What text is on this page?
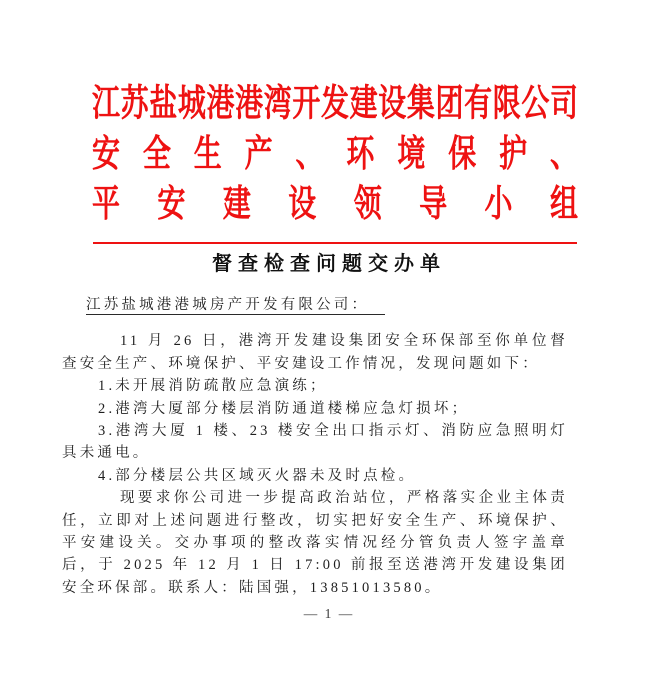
江苏盐城港港湾开发建设集团有限公司
安全生产、环境保护、
平安建设领导小组
督查检查问题交办单

江苏盐城港港城房产开发有限公司：

11 月 26 日，港湾开发建设集团安全环保部至你单位督查安全生产、环境保护、平安建设工作情况，发现问题如下：

1.未开展消防疏散应急演练；

2.港湾大厦部分楼层消防通道楼梯应急灯损坏；

3.港湾大厦 1 楼、23 楼安全出口指示灯、消防应急照明灯具未通电。

4.部分楼层公共区域灭火器未及时点检。

现要求你公司进一步提高政治站位，严格落实企业主体责任，立即对上述问题进行整改，切实把好安全生产、环境保护、平安建设关。交办事项的整改落实情况经分管负责人签字盖章后，于 2025 年 12 月 1 日 17:00 前报至送港湾开发建设集团安全环保部。联系人：陆国强，13851013580。

— 1 —
